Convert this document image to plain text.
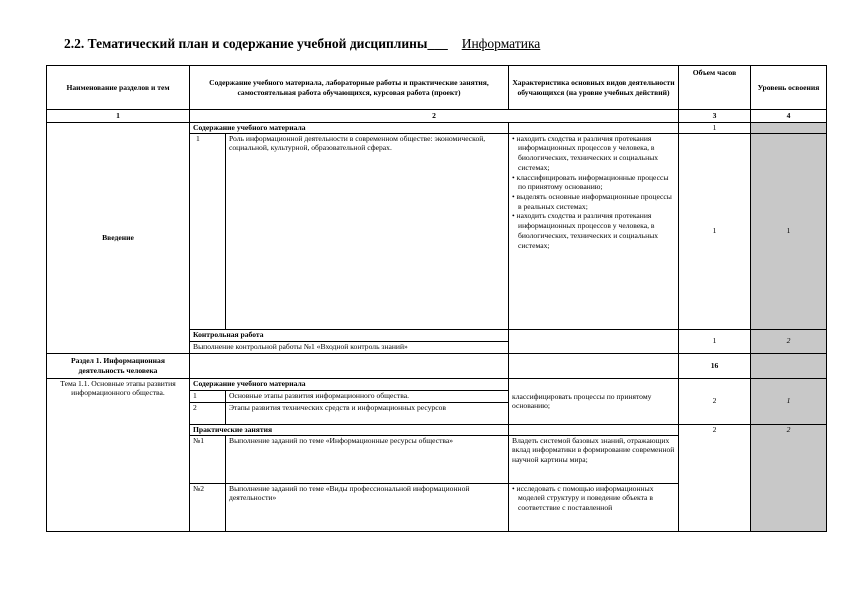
2.2. Тематический план и содержание учебной дисциплины___ Информатика
Наименование разделов и тем	Содержание учебного материала, лабораторные работы и практические занятия, самостоятельная работа обучающихся, курсовая работа (проект)		Характеристика основных видов деятельности обучающихся (на уровне учебных действий)	Объем часов	Уровень освоения
1	2			3	4
Введение	Содержание учебного материала			1	
	1	Роль информационной деятельности в современном обществе: экономической, социальной, культурной, образовательной сферах.	• находить сходства и различия протекания информационных процессов у человека, в биологических, технических и социальных системах;
• классифицировать информационные процессы по принятому основанию;
• выделять основные информационные процессы в реальных системах;
• находить сходства и различия протекания информационных процессов у человека, в биологических, технических и социальных системах;	1	1
	Контрольная работа			1	2
	Выполнение контрольной работы №1 «Входной контроль знаний»				
Раздел 1. Информационная деятельность человека				16	
Тема 1.1. Основные этапы развития информационного общества.	Содержание учебного материала		классифицировать процессы по принятому основанию;	2	1
	1	Основные этапы развития информационного общества.			
	2	Этапы развития технических средств и информационных ресурсов			
	Практические занятия			2	2
	№1	Выполнение заданий по теме «Информационные ресурсы общества»	Владеть системой базовых знаний, отражающих вклад информатики в формирование современной научной картины мира;		
	№2	Выполнение заданий по теме «Виды профессиональной информационной деятельности»	• исследовать с помощью информационных моделей структуру и поведение объекта в соответствие с поставленной		
